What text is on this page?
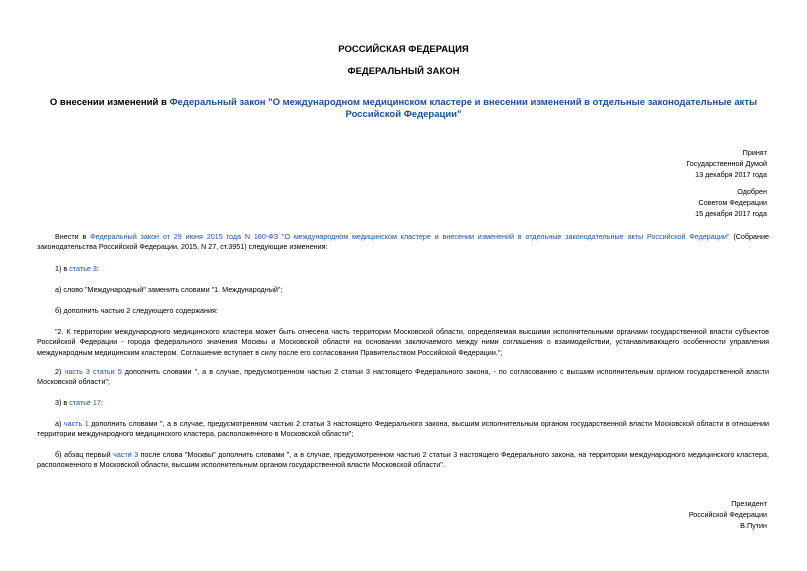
РОССИЙСКАЯ ФЕДЕРАЦИЯ
ФЕДЕРАЛЬНЫЙ ЗАКОН
О внесении изменений в Федеральный закон "О международном медицинском кластере и внесении изменений в отдельные законодательные акты Российской Федерации"
Принят
Государственной Думой
13 декабря 2017 года
Одобрен
Советом Федерации
15 декабря 2017 года
Внести в Федеральный закон от 29 июня 2015 года N 160-ФЗ "О международном медицинском кластере и внесении изменений в отдельные законодательные акты Российской Федерации" (Собрание законодательства Российской Федерации, 2015, N 27, ст.3951) следующие изменения:
1) в статье 3:
а) слово "Международный" заменить словами "1. Международный";
б) дополнить частью 2 следующего содержания:
"2. К территории международного медицинского кластера может быть отнесена часть территории Московской области, определяемая высшими исполнительными органами государственной власти субъектов Российской Федерации - города федерального значения Москвы и Московской области на основании заключаемого между ними соглашения о взаимодействии, устанавливающего особенности управления международным медицинским кластером. Соглашение вступает в силу после его согласования Правительством Российской Федерации.";
2) часть 3 статьи 5 дополнить словами ", а в случае, предусмотренном частью 2 статьи 3 настоящего Федерального закона, - по согласованию с высшим исполнительным органом государственной власти Московской области";
3) в статье 17:
а) часть 1 дополнить словами ", а в случае, предусмотренном частью 2 статьи 3 настоящего Федерального закона, высшим исполнительным органом государственной власти Московской области в отношении территории международного медицинского кластера, расположенного в Московской области";
б) абзац первый части 3 после слова "Москвы" дополнить словами ", а в случае, предусмотренном частью 2 статьи 3 настоящего Федерального закона, на территории международного медицинского кластера, расположенного в Московской области, высшим исполнительным органом государственной власти Московской области".
Президент
Российской Федерации
В.Путин
